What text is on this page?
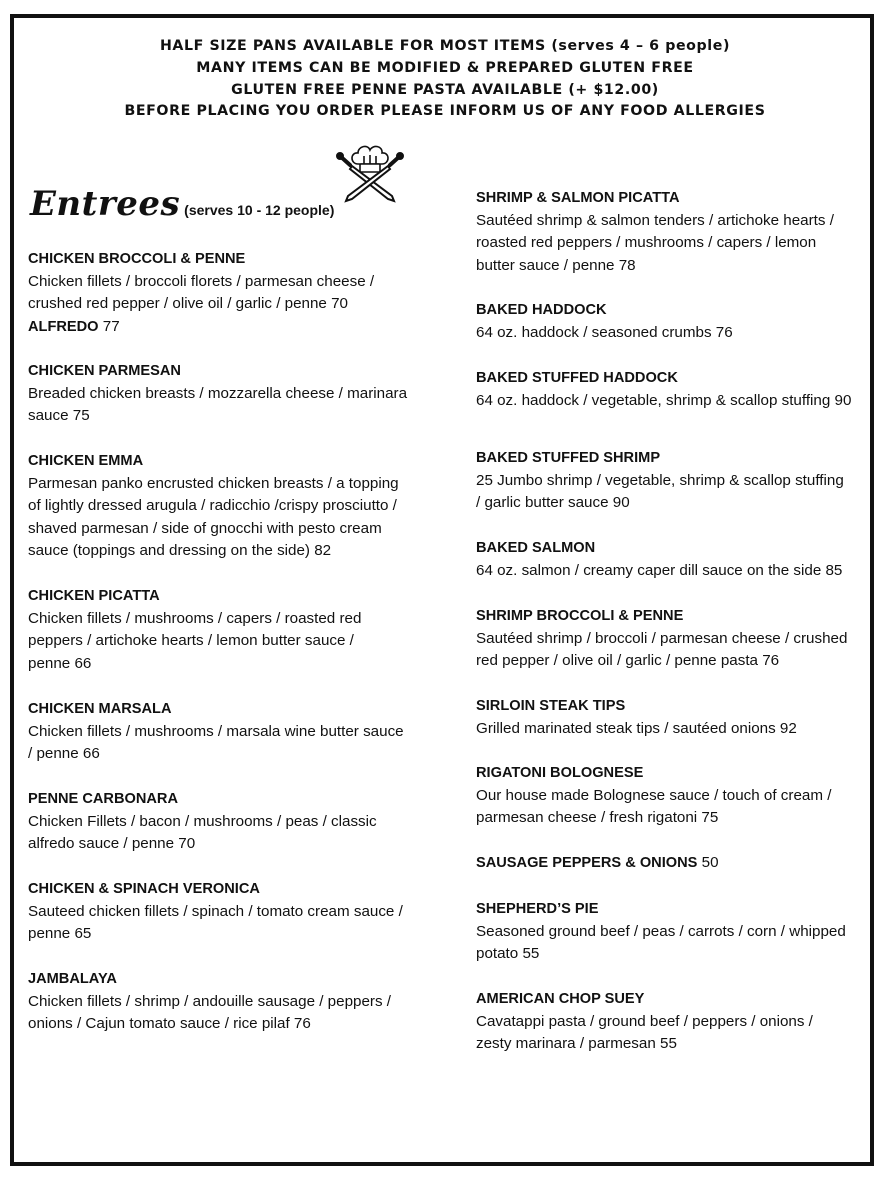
HALF SIZE PANS AVAILABLE FOR MOST ITEMS (serves 4 – 6 people)
MANY ITEMS CAN BE MODIFIED & PREPARED GLUTEN FREE
GLUTEN FREE PENNE PASTA AVAILABLE (+ $12.00)
BEFORE PLACING YOU ORDER PLEASE INFORM US OF ANY FOOD ALLERGIES
Entrees (serves 10 - 12 people)
CHICKEN BROCCOLI & PENNE
Chicken fillets / broccoli florets / parmesan cheese /
crushed red pepper / olive oil / garlic / penne 70
ALFREDO 77
CHICKEN PARMESAN
Breaded chicken breasts / mozzarella cheese / marinara
sauce 75
CHICKEN EMMA
Parmesan panko encrusted chicken breasts / a topping
of lightly dressed arugula / radicchio /crispy prosciutto /
shaved parmesan / side of gnocchi with pesto cream
sauce (toppings and dressing on the side) 82
CHICKEN PICATTA
Chicken fillets / mushrooms / capers / roasted red
peppers / artichoke hearts / lemon butter sauce /
penne 66
CHICKEN MARSALA
Chicken fillets / mushrooms / marsala wine butter sauce
/ penne 66
PENNE CARBONARA
Chicken Fillets / bacon / mushrooms / peas / classic
alfredo sauce / penne 70
CHICKEN & SPINACH VERONICA
Sauteed chicken fillets / spinach / tomato cream sauce /
penne 65
JAMBALAYA
Chicken fillets / shrimp / andouille sausage / peppers /
onions / Cajun tomato sauce / rice pilaf 76
SHRIMP & SALMON PICATTA
Sautéed shrimp & salmon tenders / artichoke hearts /
roasted red peppers / mushrooms / capers / lemon
butter sauce / penne 78
BAKED HADDOCK
64 oz. haddock / seasoned crumbs 76
BAKED STUFFED HADDOCK
64 oz. haddock / vegetable, shrimp & scallop stuffing 90
BAKED STUFFED SHRIMP
25 Jumbo shrimp / vegetable, shrimp & scallop stuffing
/ garlic butter sauce 90
BAKED SALMON
64 oz. salmon / creamy caper dill sauce on the side 85
SHRIMP BROCCOLI & PENNE
Sautéed shrimp / broccoli / parmesan cheese / crushed
red pepper / olive oil / garlic / penne pasta 76
SIRLOIN STEAK TIPS
Grilled marinated steak tips / sautéed onions 92
RIGATONI BOLOGNESE
Our house made Bolognese sauce / touch of cream /
parmesan cheese / fresh rigatoni 75
SAUSAGE PEPPERS & ONIONS 50
SHEPHERD’S PIE
Seasoned ground beef / peas / carrots / corn / whipped
potato 55
AMERICAN CHOP SUEY
Cavatappi pasta / ground beef / peppers / onions /
zesty marinara / parmesan 55
